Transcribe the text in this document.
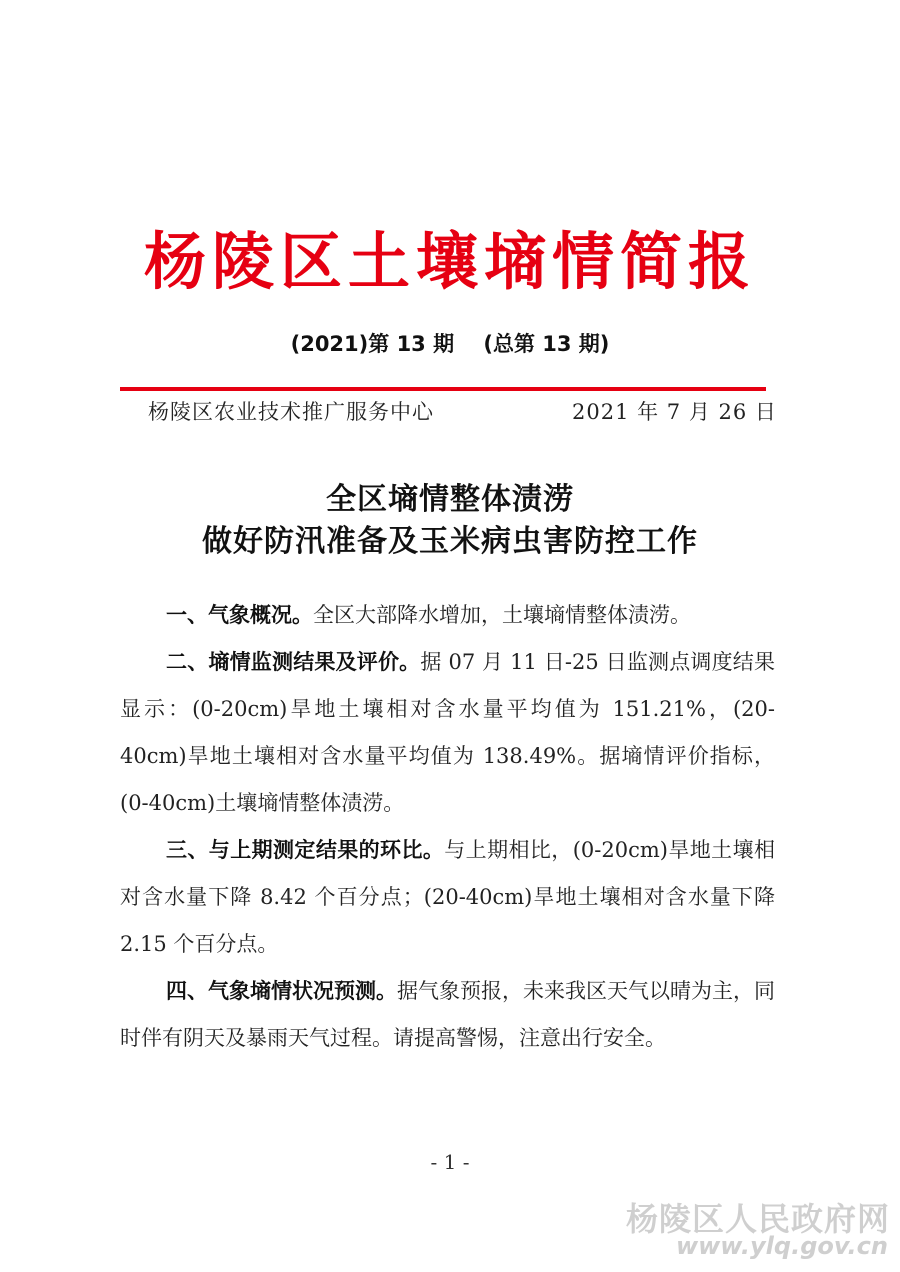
杨陵区土壤墒情简报
(2021)第 13 期    (总第 13 期)
杨陵区农业技术推广服务中心	2021 年 7 月 26 日
全区墒情整体渍涝
做好防汛准备及玉米病虫害防控工作
一、气象概况。全区大部降水增加，土壤墒情整体渍涝。
二、墒情监测结果及评价。据 07 月 11 日-25 日监测点调度结果显示：(0-20cm)旱地土壤相对含水量平均值为 151.21%，(20-40cm)旱地土壤相对含水量平均值为 138.49%。据墒情评价指标，(0-40cm)土壤墒情整体渍涝。
三、与上期测定结果的环比。与上期相比，(0-20cm)旱地土壤相对含水量下降 8.42 个百分点；(20-40cm)旱地土壤相对含水量下降 2.15 个百分点。
四、气象墒情状况预测。据气象预报，未来我区天气以晴为主，同时伴有阴天及暴雨天气过程。请提高警惕，注意出行安全。
- 1 -
杨陵区人民政府网
www.ylq.gov.cn
